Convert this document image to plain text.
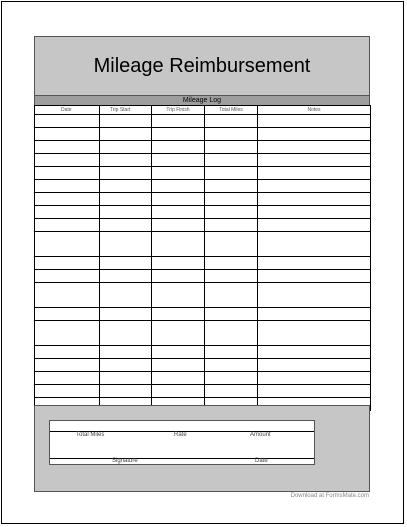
Mileage Reimbursement
Mileage Log
Date	Trip Start	Trip Finish	Total Miles	Notes

Total Miles	Rate	Amount
Signature	Date
Download at FormsMate.com
